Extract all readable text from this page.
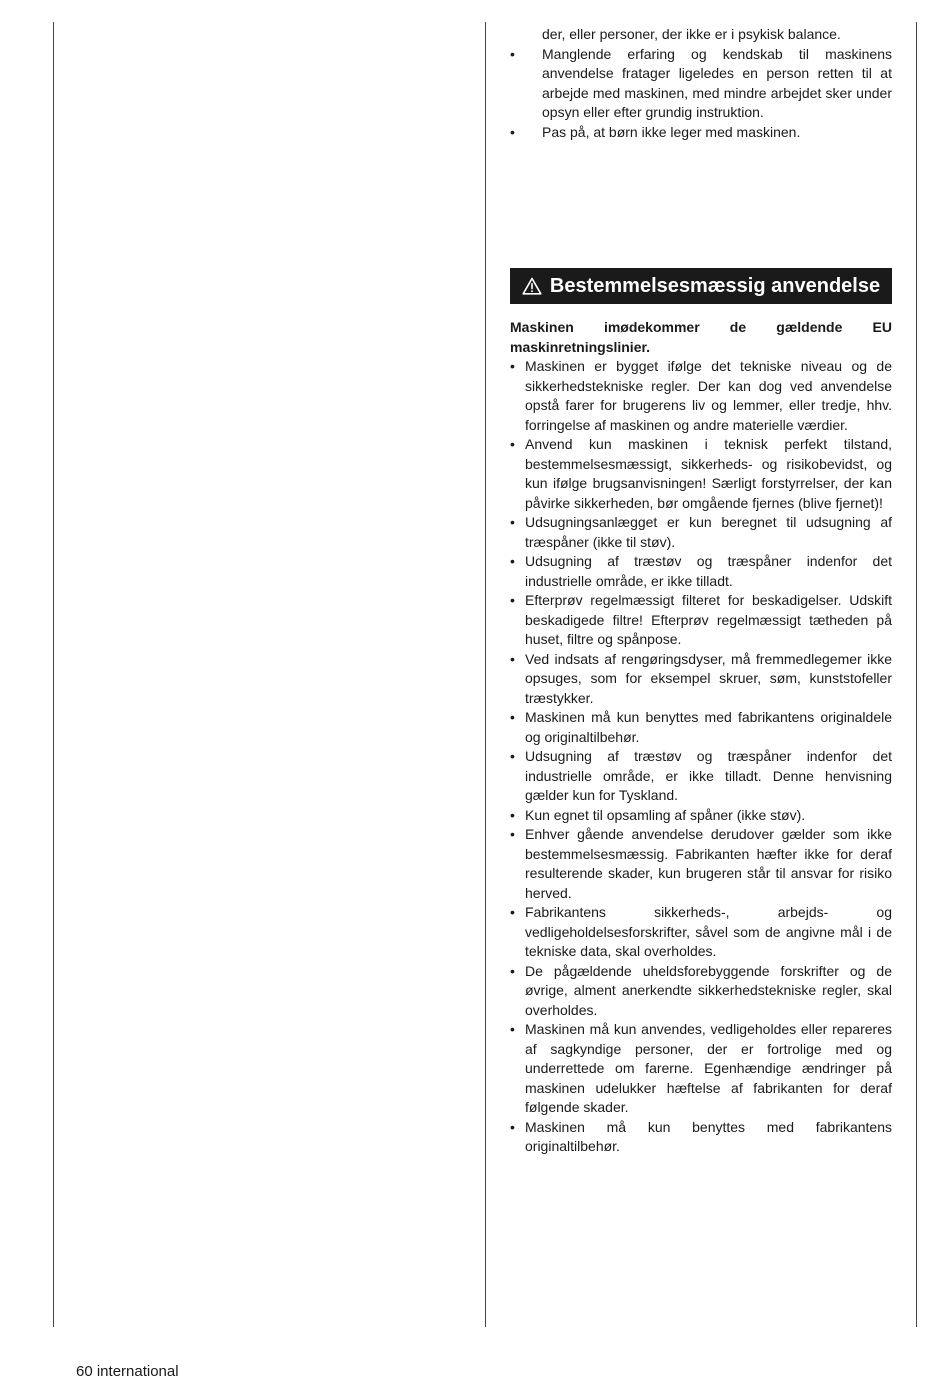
der, eller personer, der ikke er i psykisk balance.
• Manglende erfaring og kendskab til maskinens anvendelse fratager ligeledes en person retten til at arbejde med maskinen, med mindre arbejdet sker under opsyn eller efter grundig instruktion.
• Pas på, at børn ikke leger med maskinen.
Bestemmelsesmæssig anvendelse
Maskinen imødekommer de gældende EU maskinretningslinier.
• Maskinen er bygget ifølge det tekniske niveau og de sikkerhedstekniske regler. Der kan dog ved anvendelse opstå farer for brugerens liv og lemmer, eller tredje, hhv. forringelse af maskinen og andre materielle værdier.
• Anvend kun maskinen i teknisk perfekt tilstand, bestemmelsesmæssigt, sikkerheds- og risikobevidst, og kun ifølge brugsanvisningen! Særligt forstyrrelser, der kan påvirke sikkerheden, bør omgående fjernes (blive fjernet)!
• Udsugningsanlægget er kun beregnet til udsugning af træspåner (ikke til støv).
• Udsugning af træstøv og træspåner indenfor det industrielle område, er ikke tilladt.
• Efterprøv regelmæssigt filteret for beskadigelser. Udskift beskadigede filtre! Efterprøv regelmæssigt tætheden på huset, filtre og spånpose.
• Ved indsats af rengøringsdyser, må fremmedlegemer ikke opsuges, som for eksempel skruer, søm, kunststofeller træstykker.
• Maskinen må kun benyttes med fabrikantens originaldele og originaltilbehør.
• Udsugning af træstøv og træspåner indenfor det industrielle område, er ikke tilladt. Denne henvisning gælder kun for Tyskland.
• Kun egnet til opsamling af spåner (ikke støv).
• Enhver gående anvendelse derudover gælder som ikke bestemmelsesmæssig. Fabrikanten hæfter ikke for deraf resulterende skader, kun brugeren står til ansvar for risiko herved.
• Fabrikantens sikkerheds-, arbejds- og vedligeholdelsesforskrifter, såvel som de angivne mål i de tekniske data, skal overholdes.
• De pågældende uheldsforebyggende forskrifter og de øvrige, alment anerkendte sikkerhedstekniske regler, skal overholdes.
• Maskinen må kun anvendes, vedligeholdes eller repareres af sagkyndige personer, der er fortrolige med og underrettede om farerne. Egenhændige ændringer på maskinen udelukker hæftelse af fabrikanten for deraf følgende skader.
• Maskinen må kun benyttes med fabrikantens originaltilbehør.
60 international
